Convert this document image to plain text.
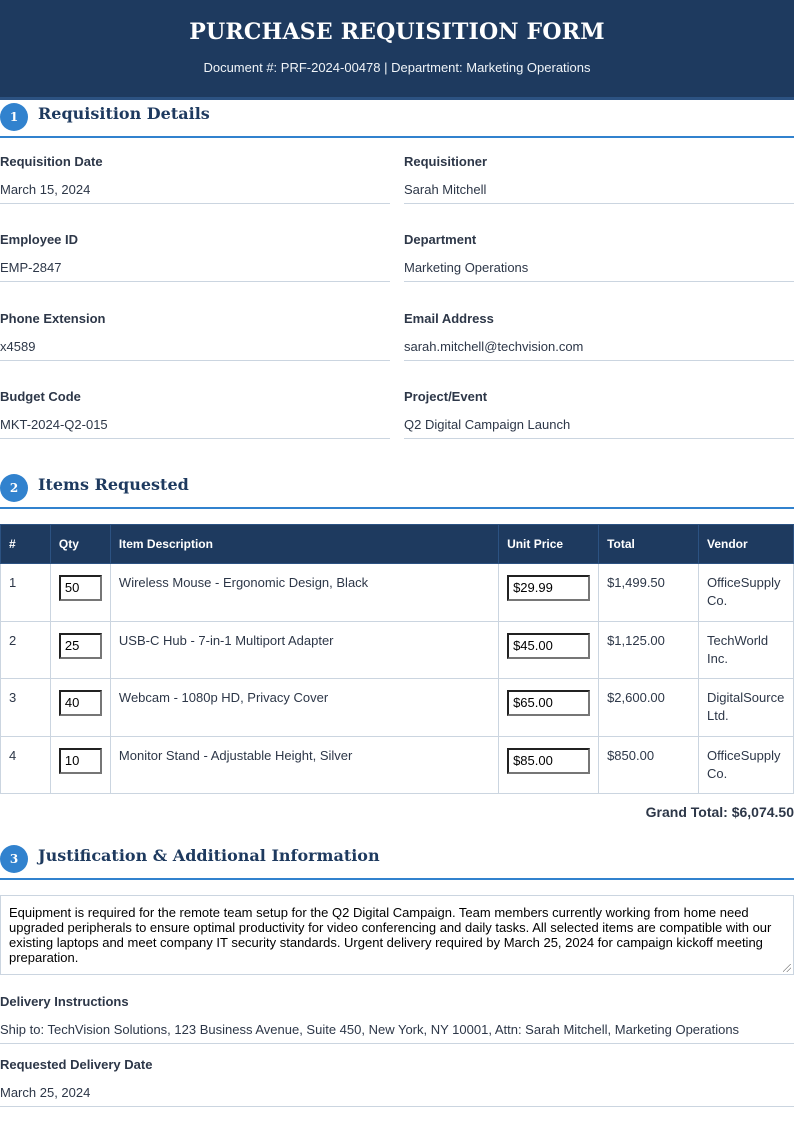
PURCHASE REQUISITION FORM
Document #: PRF-2024-00478 | Department: Marketing Operations
1	Requisition Details
Requisition Date
March 15, 2024
Requisitioner
Sarah Mitchell
Employee ID
EMP-2847
Department
Marketing Operations
Phone Extension
x4589
Email Address
sarah.mitchell@techvision.com
Budget Code
MKT-2024-Q2-015
Project/Event
Q2 Digital Campaign Launch
2	Items Requested
#	Qty	Item Description	Unit Price	Total	Vendor
1	50	Wireless Mouse - Ergonomic Design, Black	$29.99	$1,499.50	OfficeSupply Co.
2	25	USB-C Hub - 7-in-1 Multiport Adapter	$45.00	$1,125.00	TechWorld Inc.
3	40	Webcam - 1080p HD, Privacy Cover	$65.00	$2,600.00	DigitalSource Ltd.
4	10	Monitor Stand - Adjustable Height, Silver	$85.00	$850.00	OfficeSupply Co.
Grand Total: $6,074.50
3	Justification & Additional Information
Equipment is required for the remote team setup for the Q2 Digital Campaign. Team members currently working from home need upgraded peripherals to ensure optimal productivity for video conferencing and daily tasks. All selected items are compatible with our existing laptops and meet company IT security standards. Urgent delivery required by March 25, 2024 for campaign kickoff meeting preparation.
Delivery Instructions
Ship to: TechVision Solutions, 123 Business Avenue, Suite 450, New York, NY 10001, Attn: Sarah Mitchell, Marketing Operations
Requested Delivery Date
March 25, 2024
